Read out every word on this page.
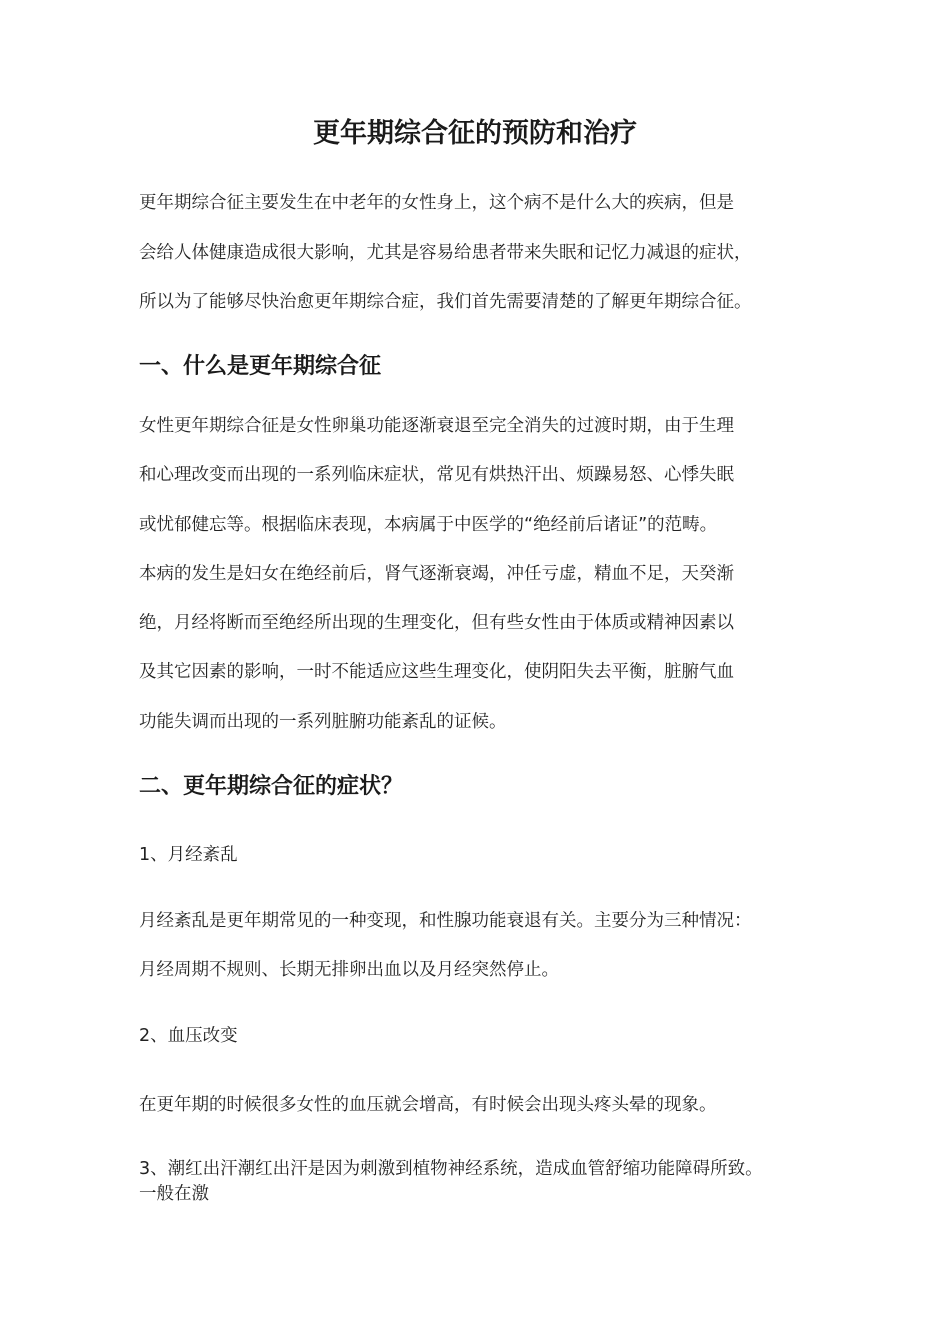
更年期综合征的预防和治疗
更年期综合征主要发生在中老年的女性身上，这个病不是什么大的疾病，但是
会给人体健康造成很大影响，尤其是容易给患者带来失眠和记忆力减退的症状，
所以为了能够尽快治愈更年期综合症，我们首先需要清楚的了解更年期综合征。
一、什么是更年期综合征
女性更年期综合征是女性卵巢功能逐渐衰退至完全消失的过渡时期，由于生理
和心理改变而出现的一系列临床症状，常见有烘热汗出、烦躁易怒、心悸失眠
或忧郁健忘等。根据临床表现，本病属于中医学的“绝经前后诸证”的范畴。
本病的发生是妇女在绝经前后，肾气逐渐衰竭，冲任亏虚，精血不足，天癸渐
绝，月经将断而至绝经所出现的生理变化，但有些女性由于体质或精神因素以
及其它因素的影响，一时不能适应这些生理变化，使阴阳失去平衡，脏腑气血
功能失调而出现的一系列脏腑功能紊乱的证候。
二、更年期综合征的症状？
1、月经紊乱
月经紊乱是更年期常见的一种变现，和性腺功能衰退有关。主要分为三种情况：
月经周期不规则、长期无排卵出血以及月经突然停止。
2、血压改变
在更年期的时候很多女性的血压就会增高，有时候会出现头疼头晕的现象。
3、潮红出汗潮红出汗是因为刺激到植物神经系统，造成血管舒缩功能障碍所致。
一般在激
